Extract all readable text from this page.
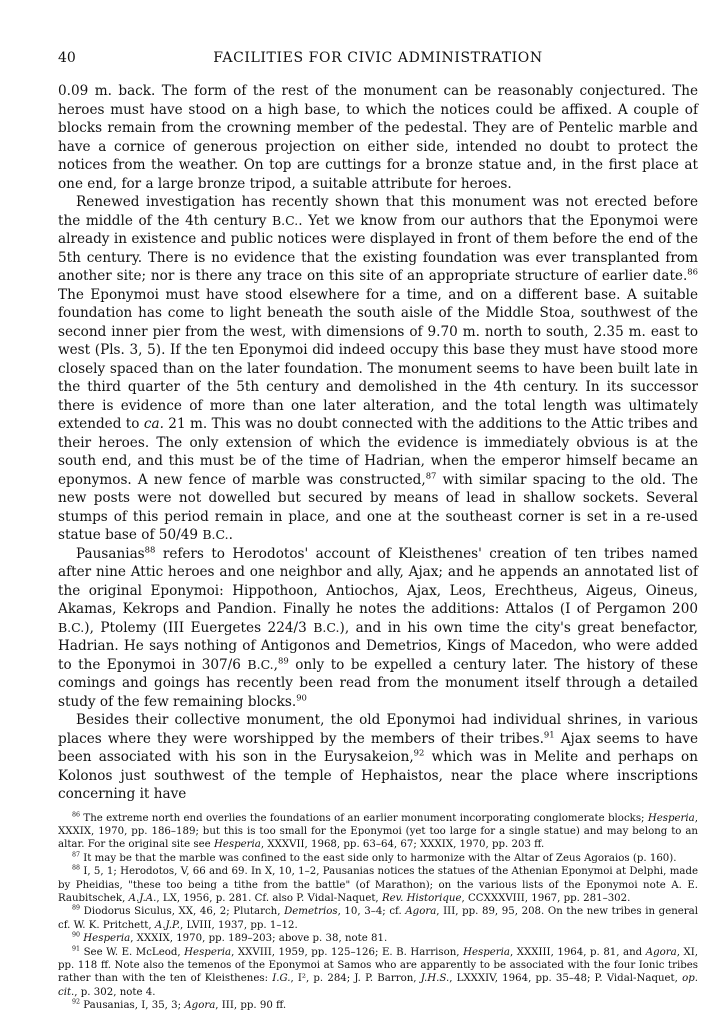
40	FACILITIES FOR CIVIC ADMINISTRATION

0.09 m. back. The form of the rest of the monument can be reasonably conjectured. The heroes must have stood on a high base, to which the notices could be affixed. A couple of blocks remain from the crowning member of the pedestal. They are of Pentelic marble and have a cornice of generous projection on either side, intended no doubt to protect the notices from the weather. On top are cuttings for a bronze statue and, in the first place at one end, for a large bronze tripod, a suitable attribute for heroes.

Renewed investigation has recently shown that this monument was not erected before the middle of the 4th century B.C.. Yet we know from our authors that the Eponymoi were already in existence and public notices were displayed in front of them before the end of the 5th century. There is no evidence that the existing foundation was ever transplanted from another site; nor is there any trace on this site of an appropriate structure of earlier date.$^{86}$ The Eponymoi must have stood elsewhere for a time, and on a different base. A suitable foundation has come to light beneath the south aisle of the Middle Stoa, southwest of the second inner pier from the west, with dimensions of 9.70 m. north to south, 2.35 m. east to west (Pls. 3, 5). If the ten Eponymoi did indeed occupy this base they must have stood more closely spaced than on the later foundation. The monument seems to have been built late in the third quarter of the 5th century and demolished in the 4th century. In its successor there is evidence of more than one later alteration, and the total length was ultimately extended to ca. 21 m. This was no doubt connected with the additions to the Attic tribes and their heroes. The only extension of which the evidence is immediately obvious is at the south end, and this must be of the time of Hadrian, when the emperor himself became an eponymos. A new fence of marble was constructed,$^{87}$ with similar spacing to the old. The new posts were not dowelled but secured by means of lead in shallow sockets. Several stumps of this period remain in place, and one at the southeast corner is set in a re-used statue base of 50/49 B.C..

Pausanias$^{88}$ refers to Herodotos' account of Kleisthenes' creation of ten tribes named after nine Attic heroes and one neighbor and ally, Ajax; and he appends an annotated list of the original Eponymoi: Hippothoon, Antiochos, Ajax, Leos, Erechtheus, Aigeus, Oineus, Akamas, Kekrops and Pandion. Finally he notes the additions: Attalos (I of Pergamon 200 B.C.), Ptolemy (III Euergetes 224/3 B.C.), and in his own time the city's great benefactor, Hadrian. He says nothing of Antigonos and Demetrios, Kings of Macedon, who were added to the Eponymoi in 307/6 B.C.,$^{89}$ only to be expelled a century later. The history of these comings and goings has recently been read from the monument itself through a detailed study of the few remaining blocks.$^{90}$

Besides their collective monument, the old Eponymoi had individual shrines, in various places where they were worshipped by the members of their tribes.$^{91}$ Ajax seems to have been associated with his son in the Eurysakeion,$^{92}$ which was in Melite and perhaps on Kolonos just southwest of the temple of Hephaistos, near the place where inscriptions concerning it have

$^{86}$ The extreme north end overlies the foundations of an earlier monument incorporating conglomerate blocks; Hesperia, XXXIX, 1970, pp. 186–189; but this is too small for the Eponymoi (yet too large for a single statue) and may belong to an altar. For the original site see Hesperia, XXXVII, 1968, pp. 63–64, 67; XXXIX, 1970, pp. 203 ff.

$^{87}$ It may be that the marble was confined to the east side only to harmonize with the Altar of Zeus Agoraios (p. 160).

$^{88}$ I, 5, 1; Herodotos, V, 66 and 69. In X, 10, 1–2, Pausanias notices the statues of the Athenian Eponymoi at Delphi, made by Pheidias, "these too being a tithe from the battle" (of Marathon); on the various lists of the Eponymoi note A. E. Raubitschek, A.J.A., LX, 1956, p. 281. Cf. also P. Vidal-Naquet, Rev. Historique, CCXXXVIII, 1967, pp. 281–302.

$^{89}$ Diodorus Siculus, XX, 46, 2; Plutarch, Demetrios, 10, 3–4; cf. Agora, III, pp. 89, 95, 208. On the new tribes in general cf. W. K. Pritchett, A.J.P., LVIII, 1937, pp. 1–12.

$^{90}$ Hesperia, XXXIX, 1970, pp. 189–203; above p. 38, note 81.

$^{91}$ See W. E. McLeod, Hesperia, XXVIII, 1959, pp. 125–126; E. B. Harrison, Hesperia, XXXIII, 1964, p. 81, and Agora, XI, pp. 118 ff. Note also the temenos of the Eponymoi at Samos who are apparently to be associated with the four Ionic tribes rather than with the ten of Kleisthenes: I.G., I², p. 284; J. P. Barron, J.H.S., LXXXIV, 1964, pp. 35–48; P. Vidal-Naquet, op. cit., p. 302, note 4.

$^{92}$ Pausanias, I, 35, 3; Agora, III, pp. 90 ff.
